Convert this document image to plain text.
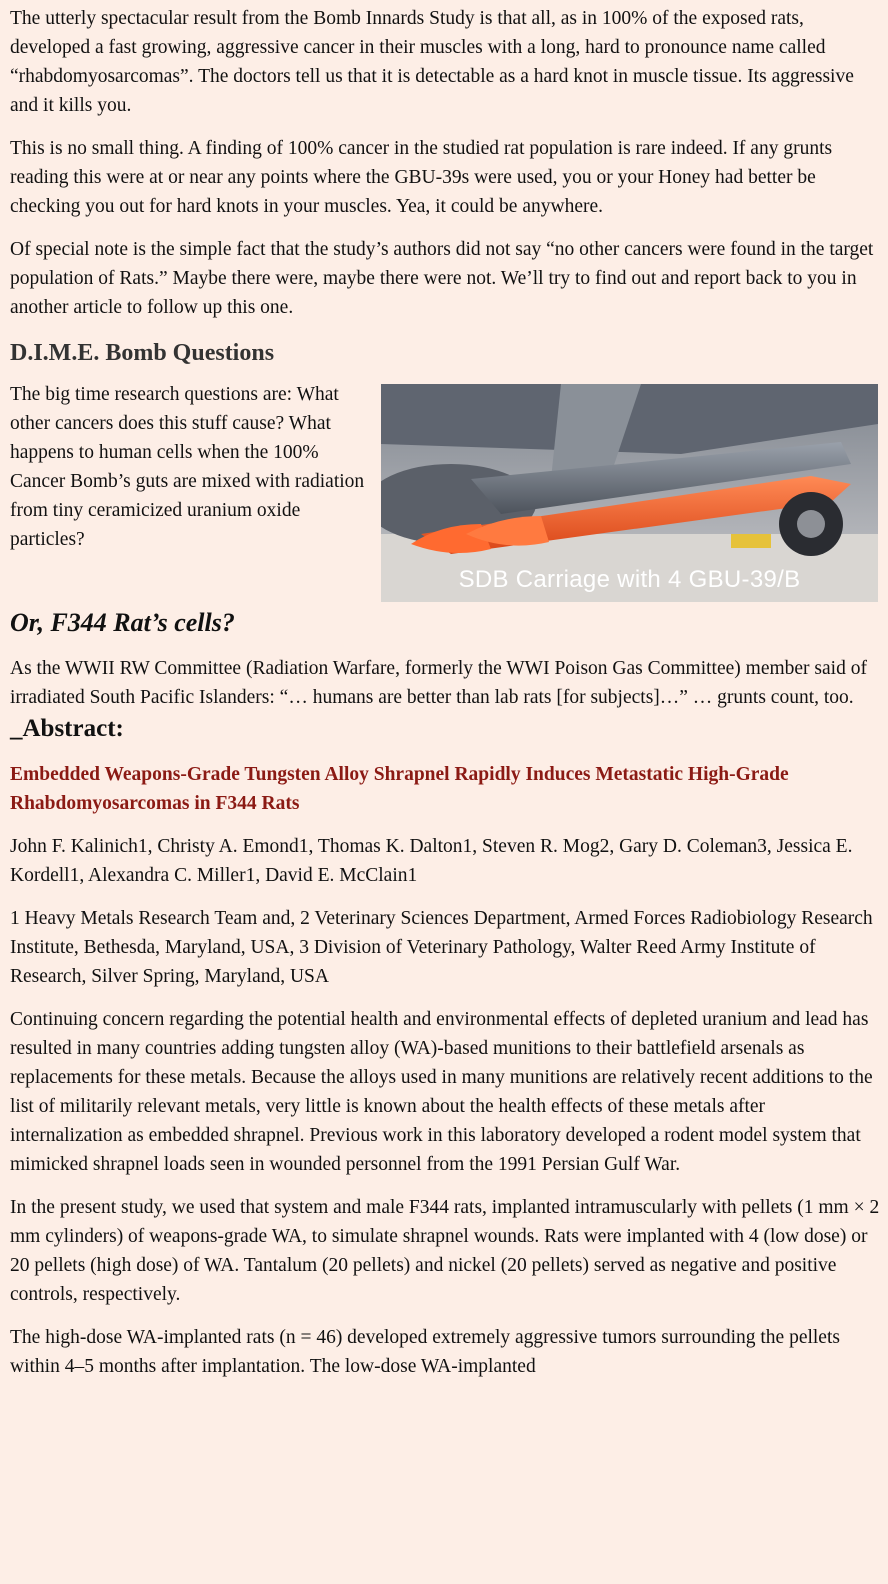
The utterly spectacular result from the Bomb Innards Study is that all, as in 100% of the exposed rats, developed a fast growing, aggressive cancer in their muscles with a long, hard to pronounce name called “rhabdomyosarcomas”. The doctors tell us that it is detectable as a hard knot in muscle tissue. Its aggressive and it kills you.

This is no small thing. A finding of 100% cancer in the studied rat population is rare indeed. If any grunts reading this were at or near any points where the GBU-39s were used, you or your Honey had better be checking you out for hard knots in your muscles. Yea, it could be anywhere.

Of special note is the simple fact that the study’s authors did not say “no other cancers were found in the target population of Rats.” Maybe there were, maybe there were not. We’ll try to find out and report back to you in another article to follow up this one.

D.I.M.E. Bomb Questions

The big time research questions are: What other cancers does this stuff cause? What happens to human cells when the 100% Cancer Bomb’s guts are mixed with radiation from tiny ceramicized uranium oxide particles?

SDB Carriage with 4 GBU-39/B
Or, F344 Rat’s cells?

As the WWII RW Committee (Radiation Warfare, formerly the WWI Poison Gas Committee) member said of irradiated South Pacific Islanders: “… humans are better than lab rats [for subjects]…” … grunts count, too.

_Abstract:

Embedded Weapons-Grade Tungsten Alloy Shrapnel Rapidly Induces Metastatic High-Grade Rhabdomyosarcomas in F344 Rats

John F. Kalinich1, Christy A. Emond1, Thomas K. Dalton1, Steven R. Mog2, Gary D. Coleman3, Jessica E. Kordell1, Alexandra C. Miller1, David E. McClain1

1 Heavy Metals Research Team and, 2 Veterinary Sciences Department, Armed Forces Radiobiology Research Institute, Bethesda, Maryland, USA, 3 Division of Veterinary Pathology, Walter Reed Army Institute of Research, Silver Spring, Maryland, USA

Continuing concern regarding the potential health and environmental effects of depleted uranium and lead has resulted in many countries adding tungsten alloy (WA)-based munitions to their battlefield arsenals as replacements for these metals. Because the alloys used in many munitions are relatively recent additions to the list of militarily relevant metals, very little is known about the health effects of these metals after internalization as embedded shrapnel. Previous work in this laboratory developed a rodent model system that mimicked shrapnel loads seen in wounded personnel from the 1991 Persian Gulf War.

In the present study, we used that system and male F344 rats, implanted intramuscularly with pellets (1 mm × 2 mm cylinders) of weapons-grade WA, to simulate shrapnel wounds. Rats were implanted with 4 (low dose) or 20 pellets (high dose) of WA. Tantalum (20 pellets) and nickel (20 pellets) served as negative and positive controls, respectively.

The high-dose WA-implanted rats (n = 46) developed extremely aggressive tumors surrounding the pellets within 4–5 months after implantation. The low-dose WA-implanted
